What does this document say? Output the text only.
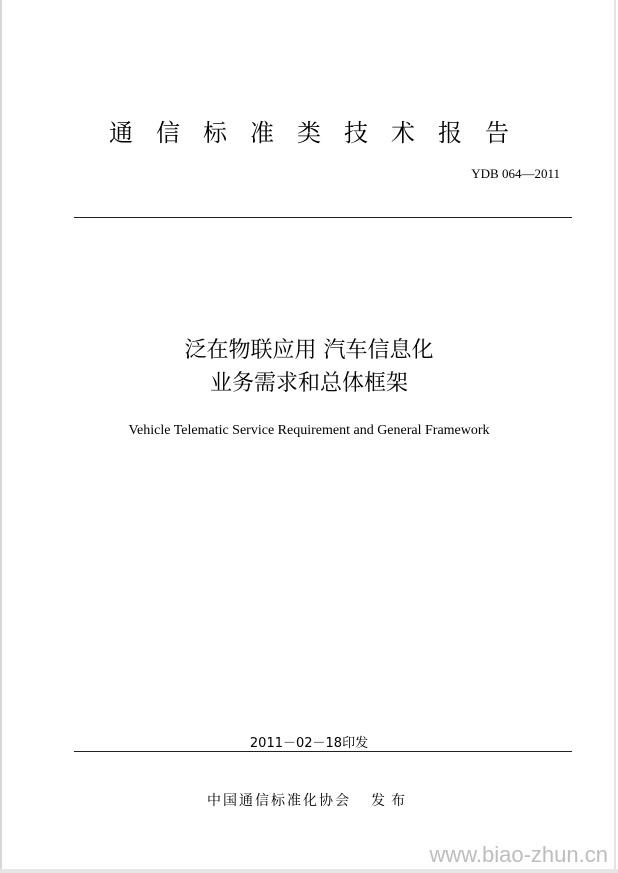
通信标准类技术报告
YDB 064—2011
泛在物联应用 汽车信息化
业务需求和总体框架
Vehicle Telematic Service Requirement and General Framework
2011－02－18印发
中国通信标准化协会 发布
www.biao-zhun.cn
